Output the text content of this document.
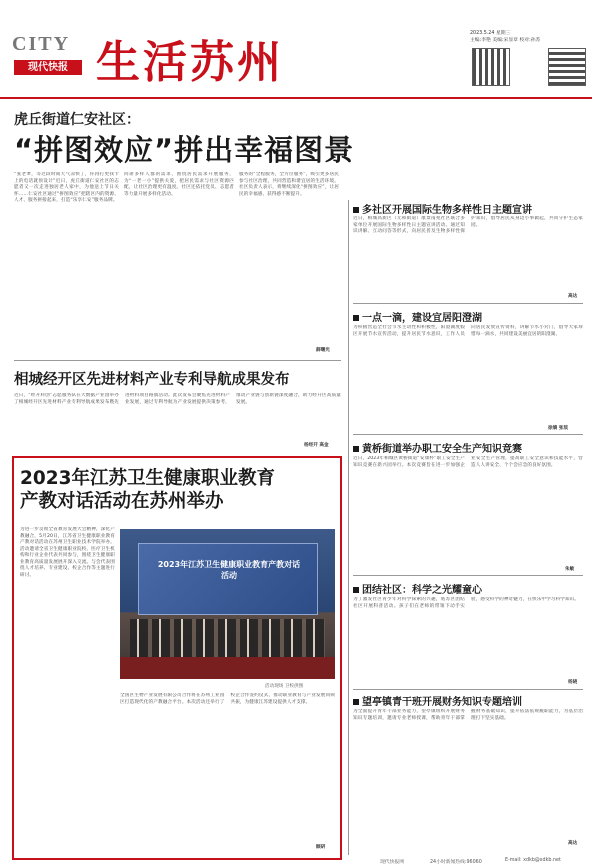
CITY
现代快报 生活苏州
2023.5.24 星期三
主编:李艳 美编:宋显章 校对:孙苏
虎丘街道仁安社区：
“拼图效应”拼出幸福图景
“张老爹，等过段时间天气凉快了，你再打更我卡上的电话就预设计”近日，虎丘街道仁安社区的志愿者又一次走进独居老人家中，为他送上节日关怀……仁安社区通过“拼图效应”把辖区内的资源、人才、服务拼接起来，打造“乐享仁安”服务品牌。
同席多样人群的需求，围绕居民需求开展服务，为“一老一小”提供关爱，把居民需求与社区资源匹配，让社区治理更有温度。社区还依托党员、志愿者等力量开展多样化活动。
服务的“全程服务，全方位服务”，吸引更多居民参与社区治理，共同营造和谐宜居的生活环境。社区负责人表示，将继续深化“拼图效应”，让居民的幸福感、获得感不断提升。
薛曙光
相城经开区先进材料产业专利导航成果发布
近日，“经开科创”志愿服务队在大数据产业园举办了相城经开区先进材料产业专利导航成果发布暨先进材料项目路演活动。此次发布会聚焦先进材料产业发展，通过专利导航为产业发展提供决策参考，推动产业链与创新链深度融合，助力经开区高质量发展。
杨经开 高金
2023年江苏卫生健康职业教育
产教对话活动在苏州举办
为进一步贯彻全省教育发展大会精神，深化产教融合，5月20日，江苏省卫生健康职业教育产教对话活动在苏州卫生职业技术学院举办。活动邀请全省卫生健康职业院校、医疗卫生机构和行业企业代表共同参与，围绕卫生健康职业教育高质量发展展开深入交流。与会代表围绕人才培养、专业建设、校企合作等主题进行研讨。
2023年江苏卫生健康职业教育产教对话活动
活动现场 卫校供图
全国区生物产业发展有限公司合作将在苏州工业园区打造现代化的产教融合平台。本次活动还举行了校企合作签约仪式，推动职业教育与产业发展同频共振，为健康江苏建设提供人才支撑。
顾研
多社区开展国际生物多样性日主题宣讲
近日，相城高新区（元和街道）康景南苑社区联合多家单位开展国际生物多样性日主题宣讲活动。通过知识讲解、互动问答等形式，向居民普及生物多样性保护知识，倡导居民从身边小事做起，共同守护生态家园。
高达
一点一滴，建设宜居阳澄湖
为积极营造全社会节水主动性和积极性，阳澄湖度假区开展节水宣传活动，提升居民节水意识，工作人员向居民发放宣传资料，讲解节水小窍门，倡导大家珍惜每一滴水，共同建设美丽宜居的阳澄湖。
徐婧 张琰
黄桥街道举办职工安全生产知识竞赛
近日，2023年相城区黄桥街道“安康杯”职工安全生产知识竞赛在新兴园举行。本次竞赛旨在进一步加强企业安全生产管理，提高职工安全意识和技能水平，营造人人讲安全、个个会应急的良好氛围。
朱敏
团结社区：科学之光耀童心
为了激发社区青少年对科学探索的兴趣，姑苏区团结社区开展科普活动。孩子们在老师的带领下动手实验，感受科学的神奇魅力，在快乐中学习科学知识。
杨晓
望亭镇青干班开展财务知识专题培训
为全面提升青年干部业务能力，望亭镇组织开展财务知识专题培训，邀请专业老师授课，帮助青年干部掌握财务基础知识，提升依法依规履职能力，为基层治理打下坚实基础。
高达
现代快报网	24小时新闻热线:96060	E-mail: xdkb@xdkb.net
